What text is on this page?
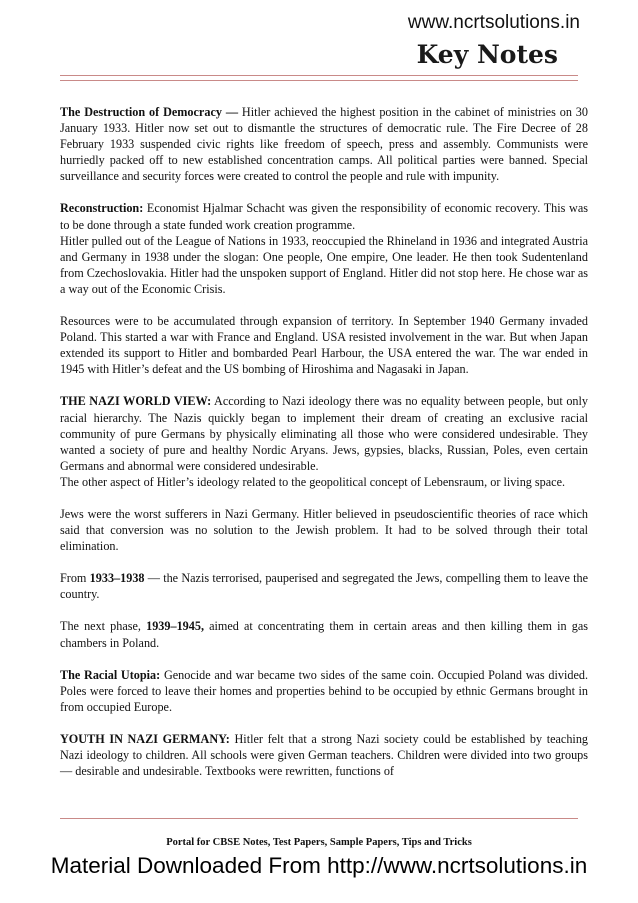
www.ncrtsolutions.in
Key Notes

The Destruction of Democracy — Hitler achieved the highest position in the cabinet of ministries on 30 January 1933. Hitler now set out to dismantle the structures of democratic rule. The Fire Decree of 28 February 1933 suspended civic rights like freedom of speech, press and assembly. Communists were hurriedly packed off to new established concentration camps. All political parties were banned. Special surveillance and security forces were created to control the people and rule with impunity.

Reconstruction: Economist Hjalmar Schacht was given the responsibility of economic recovery. This was to be done through a state funded work creation programme.
Hitler pulled out of the League of Nations in 1933, reoccupied the Rhineland in 1936 and integrated Austria and Germany in 1938 under the slogan: One people, One empire, One leader. He then took Sudentenland from Czechoslovakia. Hitler had the unspoken support of England. Hitler did not stop here. He chose war as a way out of the Economic Crisis.

Resources were to be accumulated through expansion of territory. In September 1940 Germany invaded Poland. This started a war with France and England. USA resisted involvement in the war. But when Japan extended its support to Hitler and bombarded Pearl Harbour, the USA entered the war. The war ended in 1945 with Hitler’s defeat and the US bombing of Hiroshima and Nagasaki in Japan.

THE NAZI WORLD VIEW: According to Nazi ideology there was no equality between people, but only racial hierarchy. The Nazis quickly began to implement their dream of creating an exclusive racial community of pure Germans by physically eliminating all those who were considered undesirable. They wanted a society of pure and healthy Nordic Aryans. Jews, gypsies, blacks, Russian, Poles, even certain Germans and abnormal were considered undesirable.
The other aspect of Hitler’s ideology related to the geopolitical concept of Lebensraum, or living space.

Jews were the worst sufferers in Nazi Germany. Hitler believed in pseudoscientific theories of race which said that conversion was no solution to the Jewish problem. It had to be solved through their total elimination.

From 1933–1938 — the Nazis terrorised, pauperised and segregated the Jews, compelling them to leave the country.

The next phase, 1939–1945, aimed at concentrating them in certain areas and then killing them in gas chambers in Poland.

The Racial Utopia: Genocide and war became two sides of the same coin. Occupied Poland was divided. Poles were forced to leave their homes and properties behind to be occupied by ethnic Germans brought in from occupied Europe.

YOUTH IN NAZI GERMANY: Hitler felt that a strong Nazi society could be established by teaching Nazi ideology to children. All schools were given German teachers. Children were divided into two groups — desirable and undesirable. Textbooks were rewritten, functions of

Portal for CBSE Notes, Test Papers, Sample Papers, Tips and Tricks
Material Downloaded From http://www.ncrtsolutions.in
